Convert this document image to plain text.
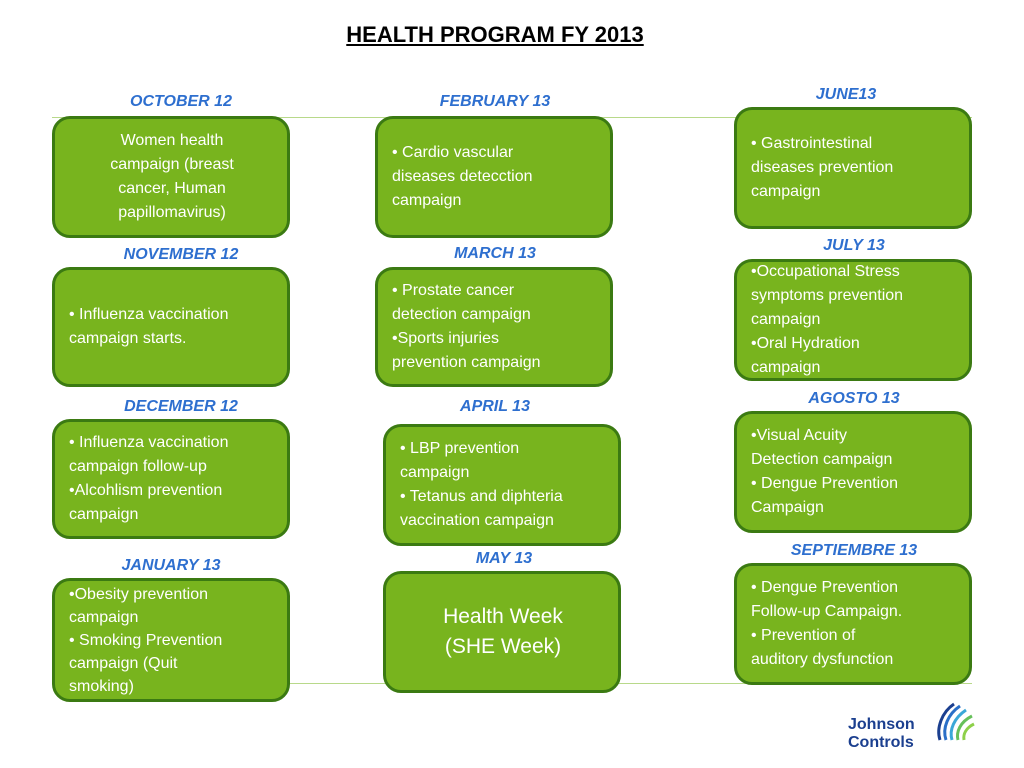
HEALTH PROGRAM FY 2013
OCTOBER 12
Women health
campaign (breast
cancer, Human
papillomavirus)
NOVEMBER 12
• Influenza vaccination
campaign starts.
DECEMBER 12
• Influenza vaccination
campaign follow-up
•Alcohlism prevention
campaign
JANUARY 13
•Obesity prevention
campaign
• Smoking Prevention
campaign (Quit
smoking)
FEBRUARY 13
• Cardio vascular
diseases detecction
campaign
MARCH 13
• Prostate cancer
detection campaign
•Sports injuries
prevention campaign
APRIL 13
• LBP prevention
campaign
• Tetanus and diphteria
vaccination campaign
MAY 13
Health Week
(SHE Week)
JUNE13
• Gastrointestinal
diseases prevention
campaign
JULY 13
•Occupational Stress
symptoms prevention
campaign
•Oral Hydration
campaign
AGOSTO 13
•Visual Acuity
Detection campaign
• Dengue Prevention
Campaign
SEPTIEMBRE 13
• Dengue Prevention
Follow-up Campaign.
• Prevention of
auditory dysfunction
Johnson
Controls
